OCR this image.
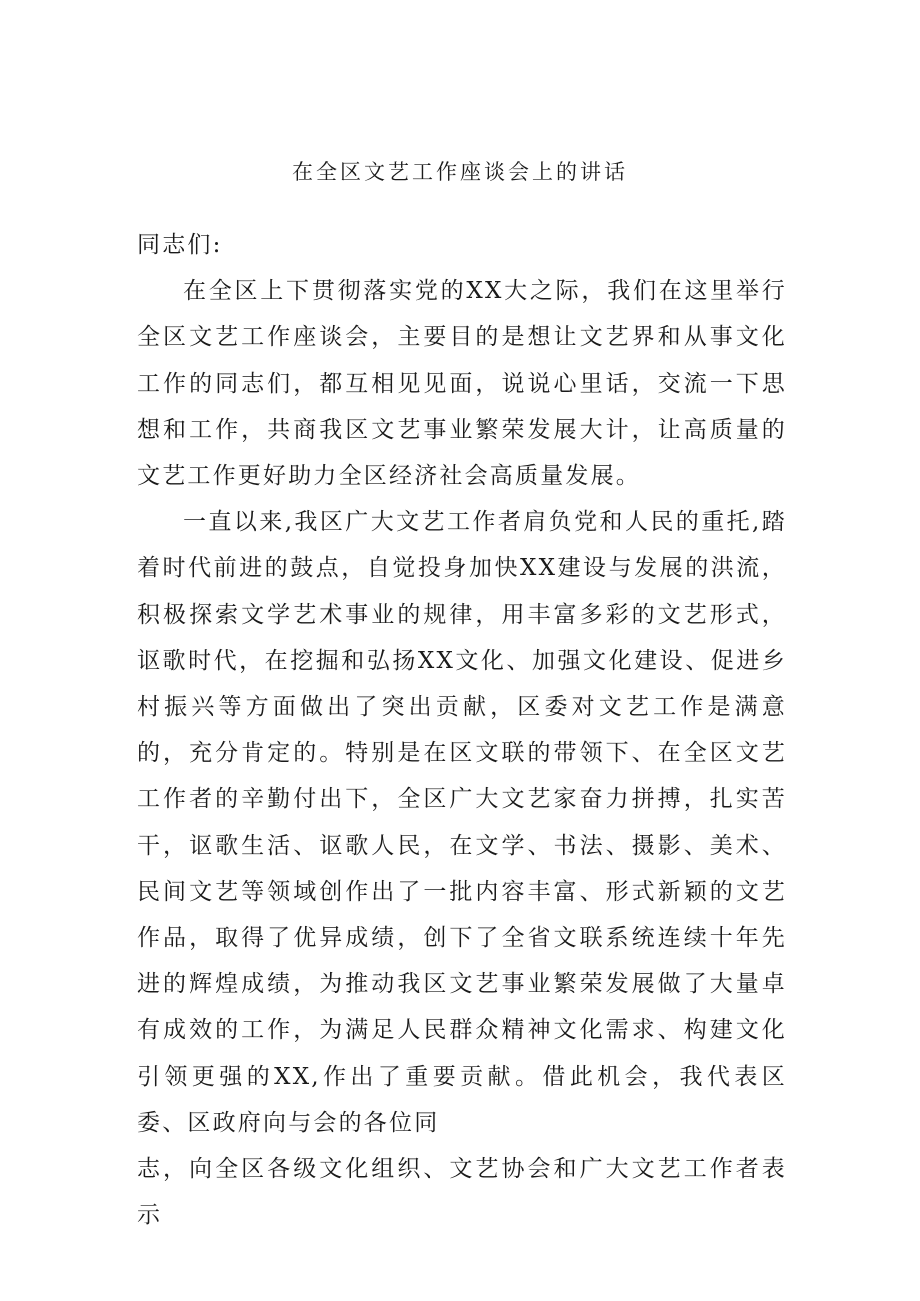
在全区文艺工作座谈会上的讲话

同志们:

在全区上下贯彻落实党的XX大之际，我们在这里举行全区文艺工作座谈会，主要目的是想让文艺界和从事文化工作的同志们，都互相见见面，说说心里话，交流一下思想和工作，共商我区文艺事业繁荣发展大计，让高质量的文艺工作更好助力全区经济社会高质量发展。

一直以来,我区广大文艺工作者肩负党和人民的重托,踏着时代前进的鼓点，自觉投身加快XX建设与发展的洪流，积极探索文学艺术事业的规律，用丰富多彩的文艺形式，讴歌时代，在挖掘和弘扬XX文化、加强文化建设、促进乡村振兴等方面做出了突出贡献，区委对文艺工作是满意的，充分肯定的。特别是在区文联的带领下、在全区文艺工作者的辛勤付出下，全区广大文艺家奋力拼搏，扎实苦干，讴歌生活、讴歌人民，在文学、书法、摄影、美术、民间文艺等领域创作出了一批内容丰富、形式新颖的文艺作品，取得了优异成绩，创下了全省文联系统连续十年先进的辉煌成绩，为推动我区文艺事业繁荣发展做了大量卓有成效的工作，为满足人民群众精神文化需求、构建文化引领更强的XX,作出了重要贡献。借此机会，我代表区委、区政府向与会的各位同

志，向全区各级文化组织、文艺协会和广大文艺工作者表示
